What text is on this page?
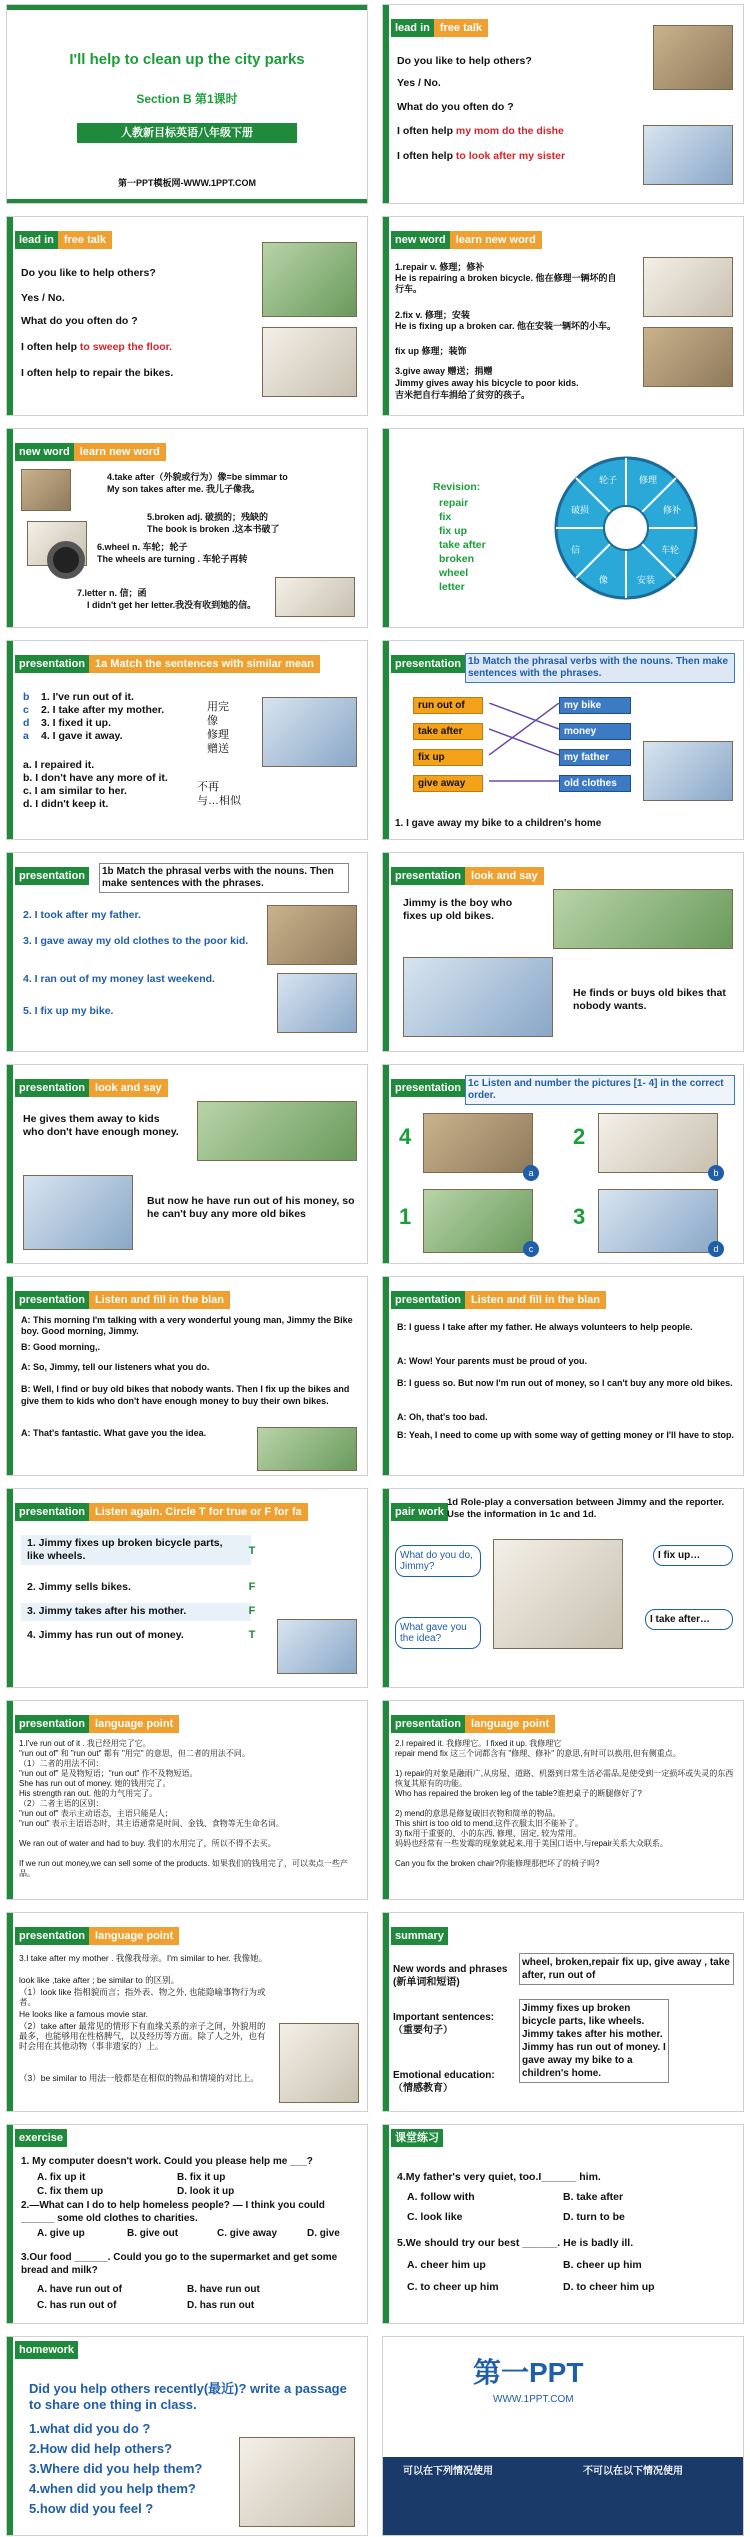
I'll help to clean up the city parks
Section B 第1课时
人教新目标英语八年级下册
第一PPT模板网-WWW.1PPT.COM
lead in free talk
Do you like to help others?
Yes / No.
What do you often do ?
I often help my mom do the dishe
I often help to look after my sister
lead in free talk
Do you like to help others?
Yes / No.
What do you often do ?
I often help to sweep the floor.
I often help to repair the bikes.
new word learn new word
1.repair v. 修理；修补
He is repairing a broken bicycle. 他在修理一辆坏的自行车。
2.fix v. 修理；安装
He is fixing up a broken car. 他在安装一辆坏的小车。
fix up 修理；装饰
3.give away 赠送；捐赠
Jimmy gives away his bicycle to poor kids.
吉米把自行车捐给了贫穷的孩子。
new word learn new word
4.take after（外貌或行为）像=be simmar to
My son takes after me. 我儿子像我。
5.broken adj. 破损的；残缺的
The book is broken .这本书破了
6.wheel n. 车轮；轮子
The wheels are turning . 车轮子再转
7.letter n. 信；函
I didn't get her letter.我没有收到她的信。
Revision:
repair
fix
fix up
take after
broken
wheel
letter
修理
修补
车轮
安装
像
信
破损
轮子
presentation 1a Match the sentences with similar mean
b 1. I've run out of it.
c 2. I take after my mother.
d 3. I fixed it up.
a 4. I gave it away.
a. I repaired it.
b. I don't have any more of it.
c. I am similar to her.
d. I didn't keep it.
用完
像
修理
赠送
不再
与…相似
presentation 1b Match the phrasal verbs with the nouns. Then make sentences with the phrases.
run out of
take after
fix up
give away
my bike
money
my father
old clothes
1. I gave away my bike to a children's home
presentation	1b Match the phrasal verbs with the nouns. Then make sentences with the phrases.
2. I took after my father.
3. I gave away my old clothes to the poor kid.
4. I ran out of my money last weekend.
5. I fix up my bike.
presentation look and say
Jimmy is the boy who fixes up old bikes.
He finds or buys old bikes that nobody wants.
presentation look and say
He gives them away to kids who don't have enough money.
But now he have run out of his money, so he can't buy any more old bikes
presentation 1c Listen and number the pictures [1- 4] in the correct order.
4
a
2
b
1
c
3
d
presentation Listen and fill in the blan
A: This morning I'm talking with a very wonderful young man, Jimmy the Bike boy. Good morning, Jimmy.
B: Good morning,.
A: So, Jimmy, tell our listeners what you do.
B: Well, I find or buy old bikes that nobody wants. Then I fix up the bikes and give them to kids who don't have enough money to buy their own bikes.
A: That's fantastic. What gave you the idea.
presentation Listen and fill in the blan
B: I guess I take after my father. He always volunteers to help people.
A: Wow! Your parents must be proud of you.
B: I guess so. But now I'm run out of money, so I can't buy any more old bikes.
A: Oh, that's too bad.
B: Yeah, I need to come up with some way of getting money or I'll have to stop.
presentation Listen again. Circle T for true or F for fa
1. Jimmy fixes up broken bicycle parts, like wheels.	T
2. Jimmy sells bikes.	F
3. Jimmy takes after his mother.	F
4. Jimmy has run out of money.	T
pair work
1d Role-play a conversation between Jimmy and the reporter. Use the information in 1c and 1d.
What do you do, Jimmy?
I fix up…
What gave you the idea?
I take after…
presentation language point
1.I've run out of it . 我已经用完了它。
"run out of" 和 "run out" 都有 "用完" 的意思，但二者的用法不同。
（1）二者的用法不同：
"run out of" 是及物短语；"run out" 作不及物短语。
She has run out of money. 她的钱用完了。
His strength ran out. 他的力气用完了。
（2）二者主语的区别：
"run out of" 表示主动语态，主语只能是人；
"run out" 表示主语语态时，其主语通常是时间、金钱、食物等无生命名词。
We ran out of water and had to buy. 我们的水用完了，所以不得不去买。
If we run out money,we can sell some of the products. 如果我们的钱用完了，可以卖点一些产品。
presentation language point
2.I repaired it. 我修理它。I fixed it up. 我修理它
repair mend fix 这三个词都含有 "修理、修补" 的意思,有时可以换用,但有侧重点。
1) repair的对象是融雨广,从房屋、道路、机器到日常生活必需品,是使受到一定损坏或失灵的东西恢复其原有的功能。
Who has repaired the broken leg of the table?谁把桌子的断腿修好了?
2) mend的意思是修复破旧衣物和简单的物品。
This shirt is too old to mend.这件衣服太旧不能补了。
3) fix用于重要的、小的东西, 修理、固定, 较为常用。
妈妈也经常有一些发霉的现象就起来,用于美国口语中,与repair关系大众联系。
Can you fix the broken chair?你能修理那把坏了的椅子吗?
presentation language point
3.I take after my mother . 我像我母亲。I'm similar to her. 我像她。
look like ,take after ; be similar to 的区别。
（1）look like 指相貌而言；指外表、物之外, 也能隐喻事物行为或者。
He looks like a famous movie star.
（2）take after 最常见的情形下有血缘关系的亲子之间，外貌用的最多，也能够用在性格脾气，以及经历等方面。除了人之外，也有时会用在其他动物（事非遗家的）上。
（3）be similar to 用法一般都是在相似的物品和情境的对比上。
summary
New words and phrases (新单词和短语)
wheel, broken,repair fix up, give away , take after, run out of
Important sentences:（重要句子）
Jimmy fixes up broken bicycle parts, like wheels. Jimmy takes after his mother. Jimmy has run out of money. I gave away my bike to a children's home.
Emotional education:（情感教育）
exercise
1. My computer doesn't work. Could you please help me ___?
A. fix up it	B. fix it up
C. fix them up	D. look it up
2.—What can I do to help homeless people? — I think you could ______ some old clothes to charities.
A. give up	B. give out	C. give away	D. give
3.Our food ______. Could you go to the supermarket and get some bread and milk?
A. have run out of	B. have run out
C. has run out of	D. has run out
课堂练习
4.My father's very quiet, too.I______ him.
A. follow with	B. take after
C. look like	D. turn to be
5.We should try our best ______. He is badly ill.
A. cheer him up	B. cheer up him
C. to cheer up him	D. to cheer him up
homework
Did you help others recently(最近)? write a passage to share one thing in class.
1.what did you do ?
2.How did help others?
3.Where did you help them?
4.when did you help them?
5.how did you feel ?
第一PPT
WWW.1PPT.COM
可以在下列情况使用	不可以在以下情况使用
